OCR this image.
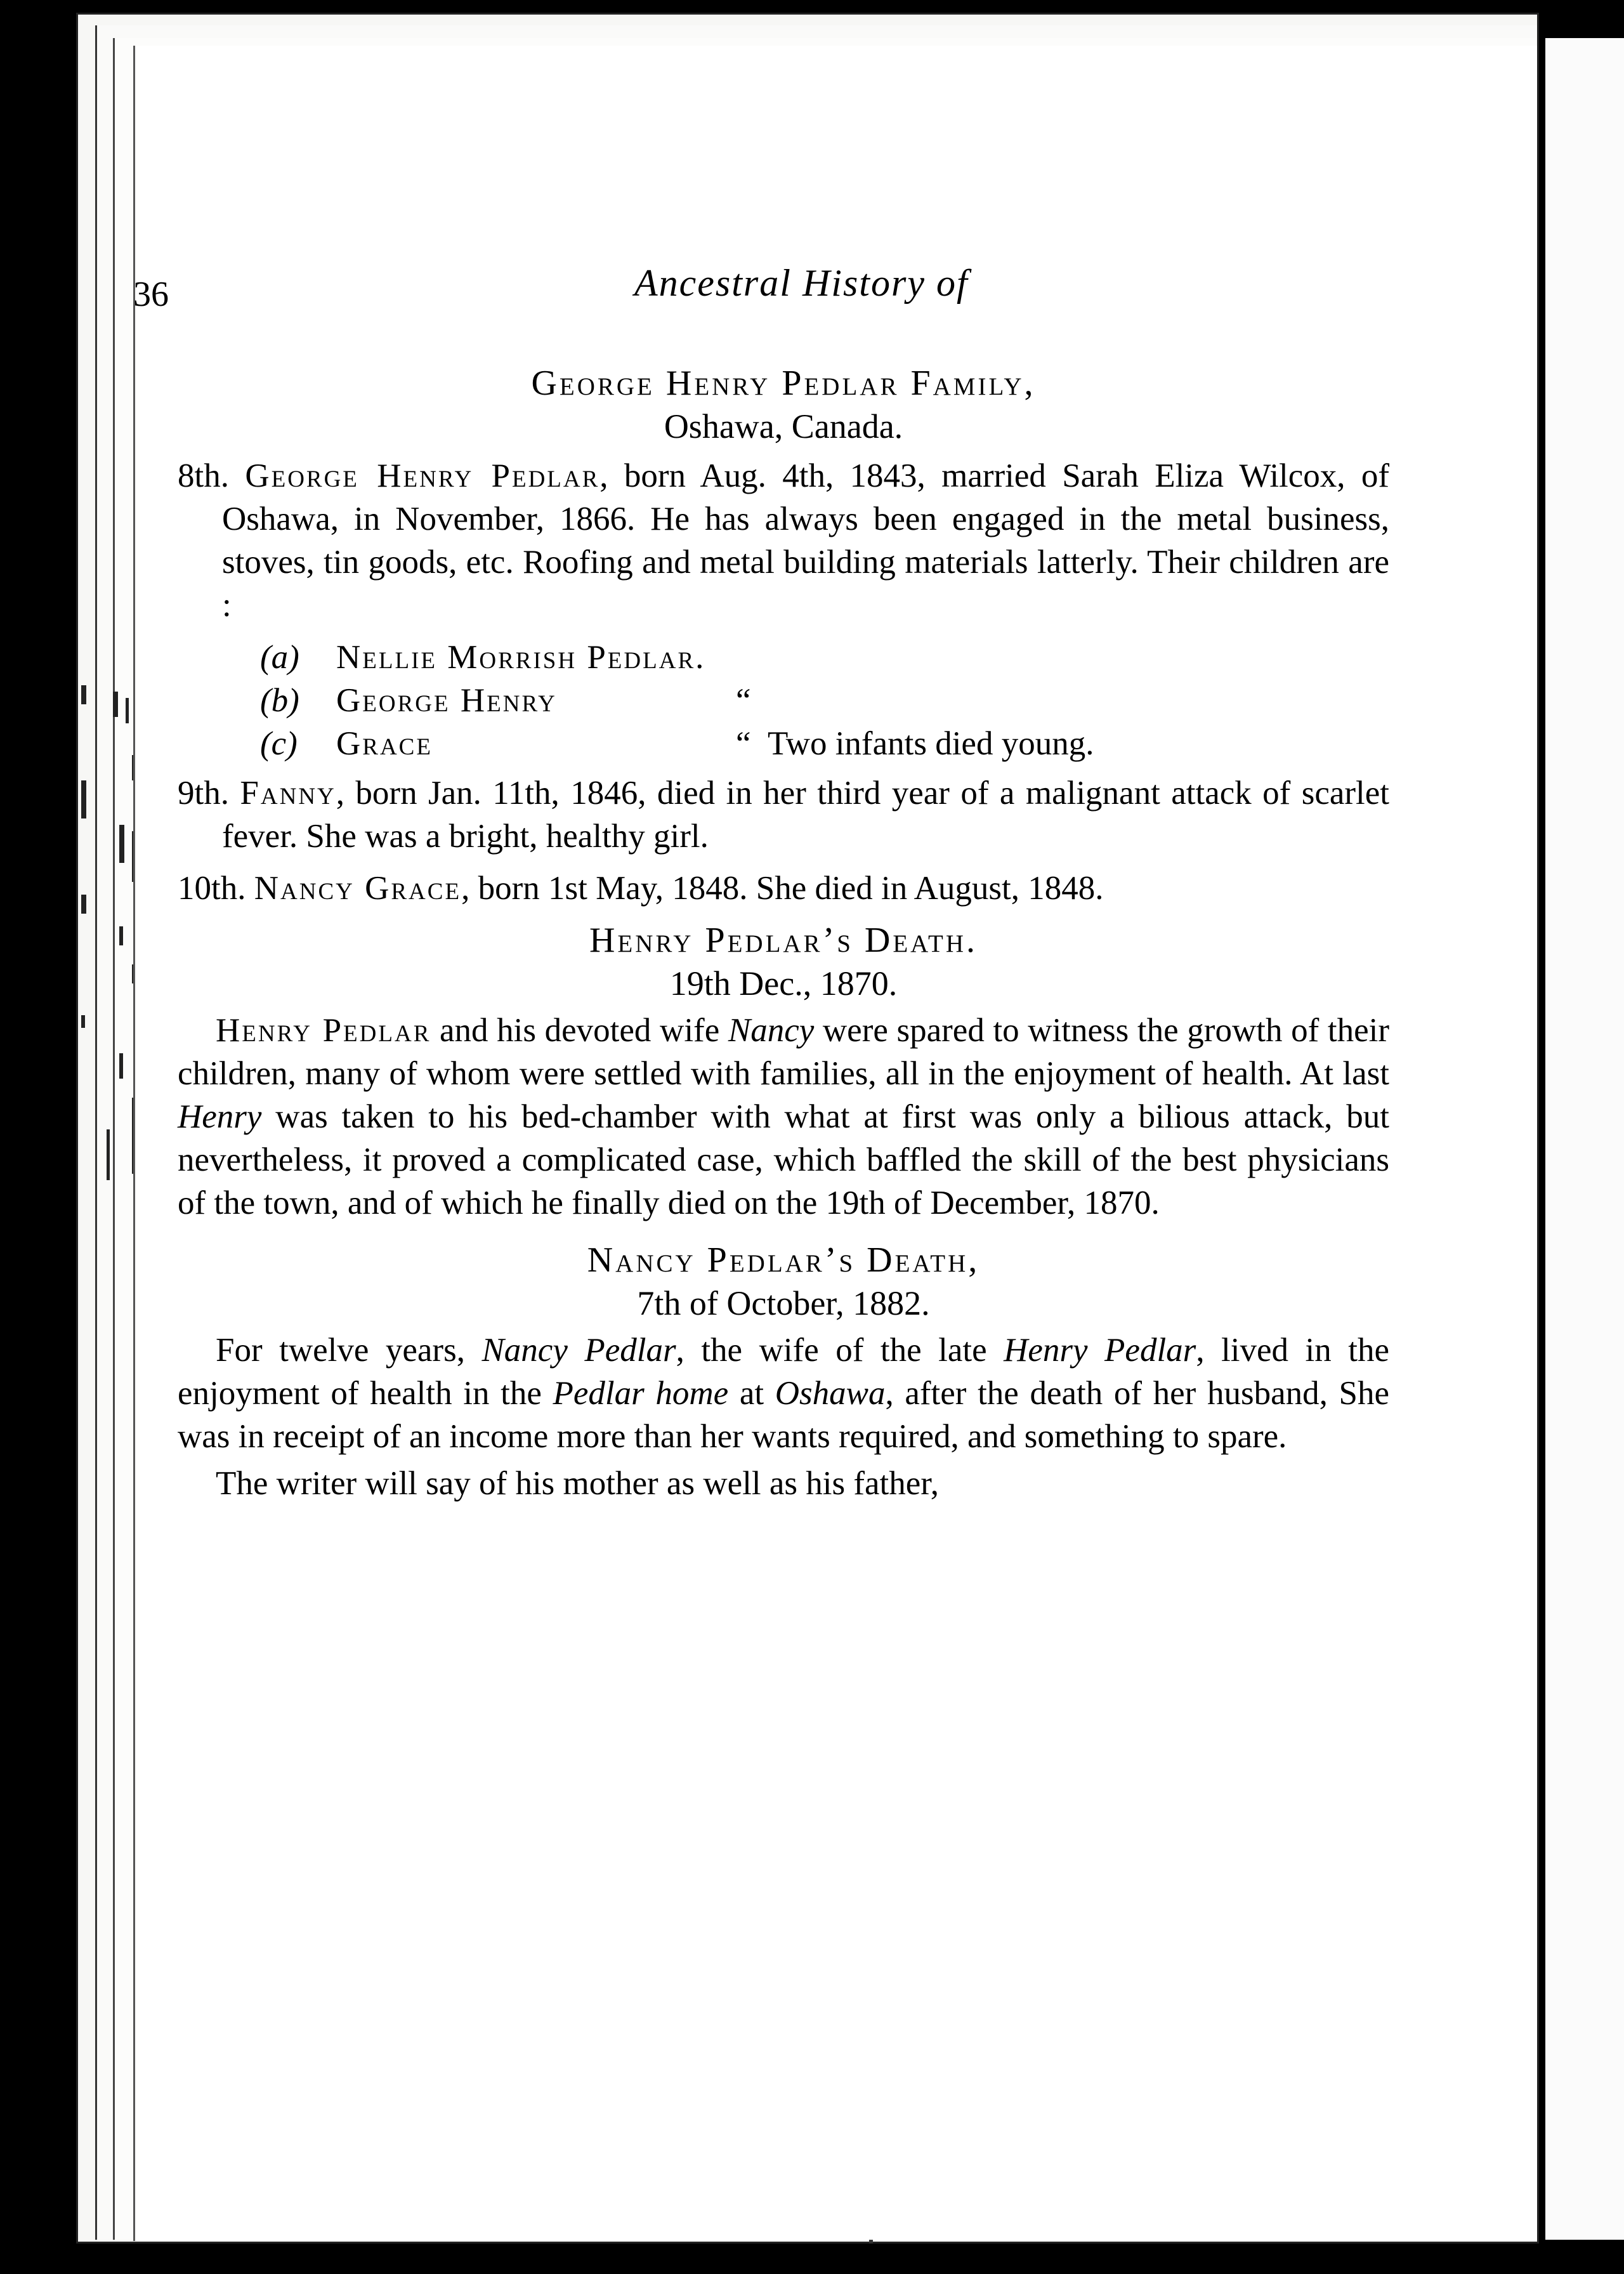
36	Ancestral History of
George Henry Pedlar Family,
Oshawa, Canada.

8th. George Henry Pedlar, born Aug. 4th, 1843, married Sarah Eliza Wilcox, of Oshawa, in November, 1866. He has always been engaged in the metal business, stoves, tin goods, etc. Roofing and metal building materials latterly. Their children are :

(a) Nellie Morrish Pedlar.
(b) George Henry	“
(c) Grace	“ Two infants died young.

9th. Fanny, born Jan. 11th, 1846, died in her third year of a malignant attack of scarlet fever. She was a bright, healthy girl.

10th. Nancy Grace, born 1st May, 1848. She died in August, 1848.

Henry Pedlar’s Death.
19th Dec., 1870.

Henry Pedlar and his devoted wife Nancy were spared to witness the growth of their children, many of whom were settled with families, all in the enjoyment of health. At last Henry was taken to his bed-chamber with what at first was only a bilious attack, but nevertheless, it proved a complicated case, which baffled the skill of the best physicians of the town, and of which he finally died on the 19th of December, 1870.

Nancy Pedlar’s Death,
7th of October, 1882.

For twelve years, Nancy Pedlar, the wife of the late Henry Pedlar, lived in the enjoyment of health in the Pedlar home at Oshawa, after the death of her husband, She was in receipt of an income more than her wants required, and something to spare.

The writer will say of his mother as well as his father,
